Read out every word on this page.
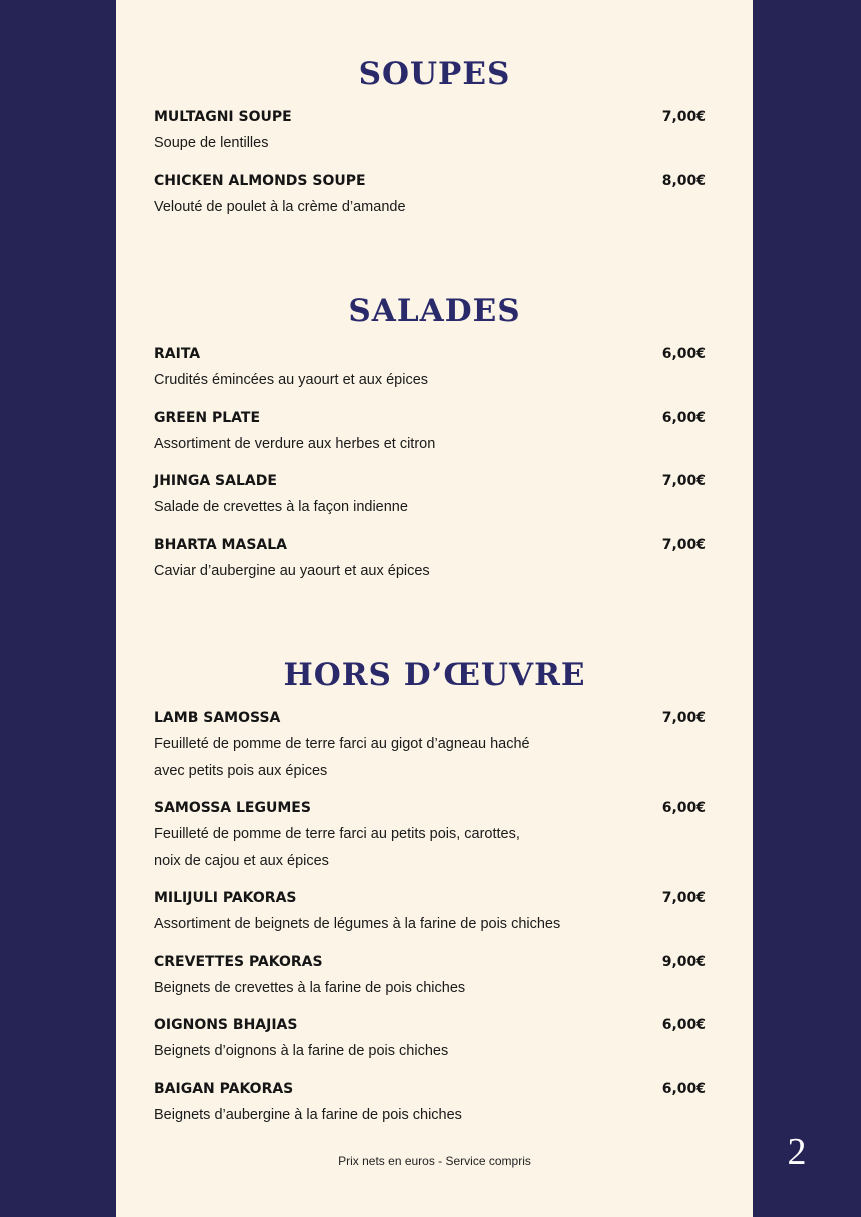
SOUPES
MULTAGNI SOUPE	7,00€
Soupe de lentilles
CHICKEN ALMONDS SOUPE	8,00€
Velouté de poulet à la crème d’amande
SALADES
RAITA	6,00€
Crudités émincées au yaourt et aux épices
GREEN PLATE	6,00€
Assortiment de verdure aux herbes et citron
JHINGA SALADE	7,00€
Salade de crevettes à la façon indienne
BHARTA MASALA	7,00€
Caviar d’aubergine au yaourt et aux épices
HORS D’ŒUVRE
LAMB SAMOSSA	7,00€
Feuilleté de pomme de terre farci au gigot d’agneau haché
avec petits pois aux épices
SAMOSSA LEGUMES	6,00€
Feuilleté de pomme de terre farci au petits pois, carottes,
noix de cajou et aux épices
MILIJULI PAKORAS	7,00€
Assortiment de beignets de légumes à la farine de pois chiches
CREVETTES PAKORAS	9,00€
Beignets de crevettes à la farine de pois chiches
OIGNONS BHAJIAS	6,00€
Beignets d’oignons à la farine de pois chiches
BAIGAN PAKORAS	6,00€
Beignets d’aubergine à la farine de pois chiches
Prix nets en euros - Service compris	2
